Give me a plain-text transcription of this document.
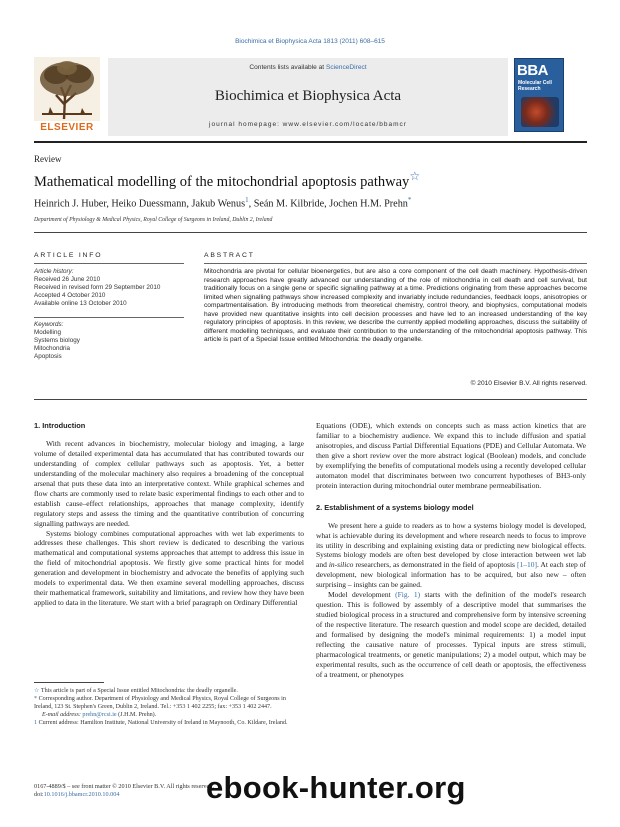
Biochimica et Biophysica Acta 1813 (2011) 608–615
ELSEVIER
Contents lists available at ScienceDirect
Biochimica et Biophysica Acta
journal homepage: www.elsevier.com/locate/bbamcr
BBA
Molecular Cell Research
Review
Mathematical modelling of the mitochondrial apoptosis pathway☆
Heinrich J. Huber, Heiko Duessmann, Jakub Wenus$^1$, Seán M. Kilbride, Jochen H.M. Prehn*
Department of Physiology & Medical Physics, Royal College of Surgeons in Ireland, Dublin 2, Ireland
ARTICLE INFO
Article history:
Received 26 June 2010
Received in revised form 29 September 2010
Accepted 4 October 2010
Available online 13 October 2010
Keywords:
Modelling
Systems biology
Mitochondria
Apoptosis
ABSTRACT
Mitochondria are pivotal for cellular bioenergetics, but are also a core component of the cell death machinery. Hypothesis-driven research approaches have greatly advanced our understanding of the role of mitochondria in cell death and cell survival, but traditionally focus on a single gene or specific signalling pathway at a time. Predictions originating from these approaches become limited when signalling pathways show increased complexity and invariably include redundancies, feedback loops, anisotropies or compartmentalisation. By introducing methods from theoretical chemistry, control theory, and biophysics, computational models have provided new quantitative insights into cell decision processes and have led to an increased understanding of the key regulatory principles of apoptosis. In this review, we describe the currently applied modelling approaches, discuss the suitability of different modelling techniques, and evaluate their contribution to the understanding of the mitochondrial apoptosis pathway. This article is part of a Special Issue entitled Mitochondria: the deadly organelle.
© 2010 Elsevier B.V. All rights reserved.
1. Introduction

With recent advances in biochemistry, molecular biology and imaging, a large volume of detailed experimental data has accumulated that has contributed towards our understanding of complex cellular pathways such as apoptosis. Yet, a better understanding of the molecular machinery also requires a broadening of the conceptual arsenal that puts these data into an interpretative context. While graphical schemes and flow charts are commonly used to relate basic experimental findings to each other and to establish cause–effect relationships, approaches that manage complexity, identify regulatory steps and assess the timing and the quantitative contribution of concurring signalling pathways are needed.

Systems biology combines computational approaches with wet lab experiments to addresses these challenges. This short review is dedicated to describing the various mathematical and computational systems approaches that attempt to address this issue in the field of mitochondrial apoptosis. We firstly give some practical hints for model generation and development in biochemistry and advocate the benefits of applying such models to experimental data. We then examine several modelling approaches, discuss their mathematical framework, suitability and limitations, and review how they have been applied to data in the literature. We start with a brief paragraph on Ordinary Differential

Equations (ODE), which extends on concepts such as mass action kinetics that are familiar to a biochemistry audience. We expand this to include diffusion and spatial anisotropies, and discuss Partial Differential Equations (PDE) and Cellular Automata. We then give a short review over the more abstract logical (Boolean) models, and conclude by exemplifying the benefits of computational models using a recently developed cellular automaton model that discriminates between two concurrent hypotheses of BH3-only protein interaction during mitochondrial outer membrane permeabilisation.

2. Establishment of a systems biology model

We present here a guide to readers as to how a systems biology model is developed, what is achievable during its development and where research needs to focus to improve its utility in describing and explaining existing data or predicting new biological effects. Systems biology models are often best developed by close interaction between wet lab and in-silico researchers, as demonstrated in the field of apoptosis [1–10]. At each step of development, new biological information has to be acquired, but also new – often surprising – insights can be gained.

Model development (Fig. 1) starts with the definition of the model's research question. This is followed by assembly of a descriptive model that summarises the studied biological process in a structured and comprehensive form by intensive screening of the respective literature. The research question and model scope are decided, detailed and formalised by designing the model's minimal requirements: 1) a model input reflecting the causative nature of processes. Typical inputs are stress stimuli, pharmacological treatments, or genetic manipulations; 2) a model output, which may be experimental results, such as the occurrence of cell death or apoptosis, the effectiveness of a treatment, or phenotypes

☆ This article is part of a Special Issue entitled Mitochondria: the deadly organelle.
* Corresponding author. Department of Physiology and Medical Physics, Royal College of Surgeons in Ireland, 123 St. Stephen's Green, Dublin 2, Ireland. Tel.: +353 1 402 2255; fax: +353 1 402 2447.
E-mail address: prehn@rcsi.ie (J.H.M. Prehn).
1 Current address: Hamilton Institute, National University of Ireland in Maynooth, Co. Kildare, Ireland.
0167-4889/$ – see front matter © 2010 Elsevier B.V. All rights reserved.
doi:10.1016/j.bbamcr.2010.10.004	ebook-hunter.org
